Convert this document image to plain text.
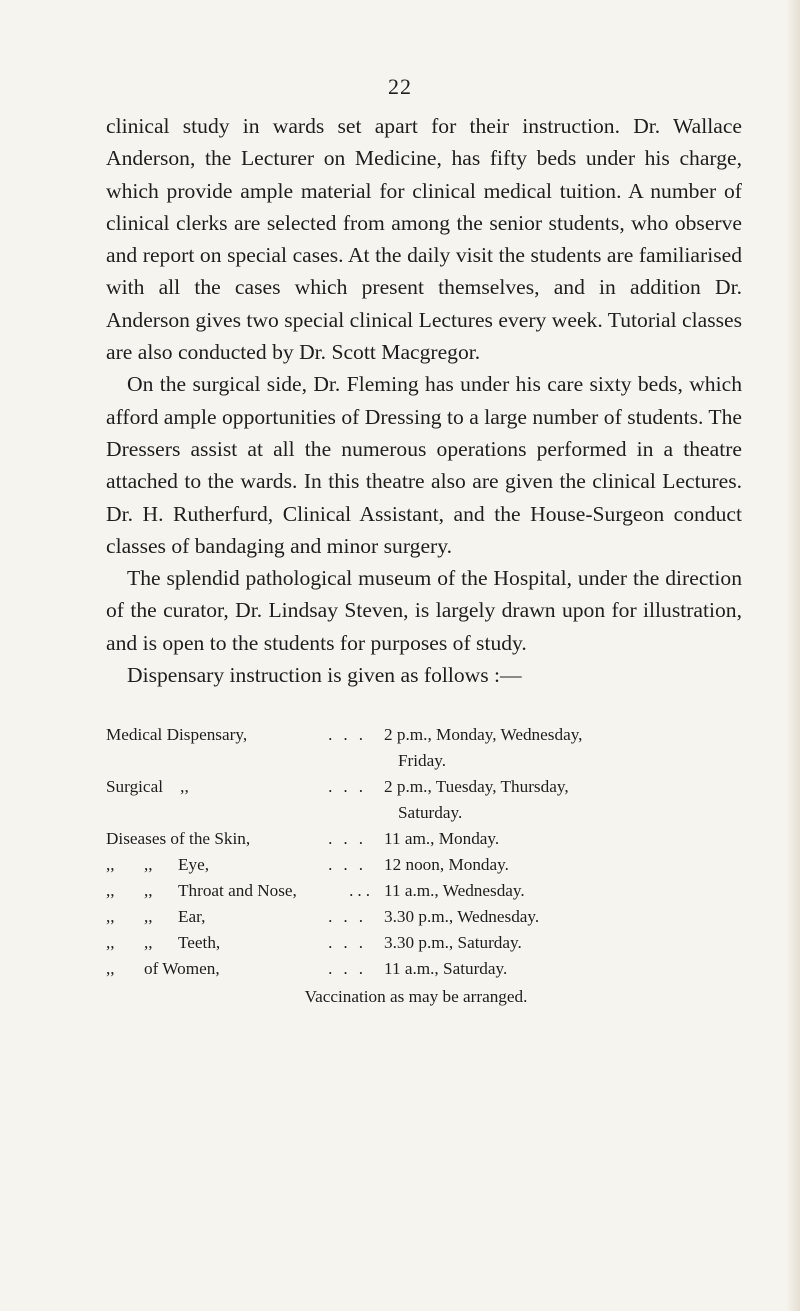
22

clinical study in wards set apart for their instruction. Dr. Wallace Anderson, the Lecturer on Medicine, has fifty beds under his charge, which provide ample material for clinical medical tuition. A number of clinical clerks are selected from among the senior students, who observe and report on special cases. At the daily visit the students are familiarised with all the cases which present themselves, and in addition Dr. Anderson gives two special clinical Lectures every week. Tutorial classes are also conducted by Dr. Scott Macgregor.

On the surgical side, Dr. Fleming has under his care sixty beds, which afford ample opportunities of Dressing to a large number of students. The Dressers assist at all the numerous operations performed in a theatre attached to the wards. In this theatre also are given the clinical Lectures. Dr. H. Rutherfurd, Clinical Assistant, and the House-Surgeon conduct classes of bandaging and minor surgery.

The splendid pathological museum of the Hospital, under the direction of the curator, Dr. Lindsay Steven, is largely drawn upon for illustration, and is open to the students for purposes of study.

Dispensary instruction is given as follows :—

Medical Dispensary,	... 2 p.m., Monday, Wednesday,
Friday.
Surgical    ,,	... 2 p.m., Tuesday, Thursday,
Saturday.
Diseases of the Skin,	... 11 am., Monday.
,,	,,	Eye,	... 12 noon, Monday.
,,	,,	Throat and Nose,	... 11 a.m., Wednesday.
,,	,,	Ear,	... 3.30 p.m., Wednesday.
,,	,,	Teeth,	... 3.30 p.m., Saturday.
,,	of Women,	... 11 a.m., Saturday.
Vaccination as may be arranged.
